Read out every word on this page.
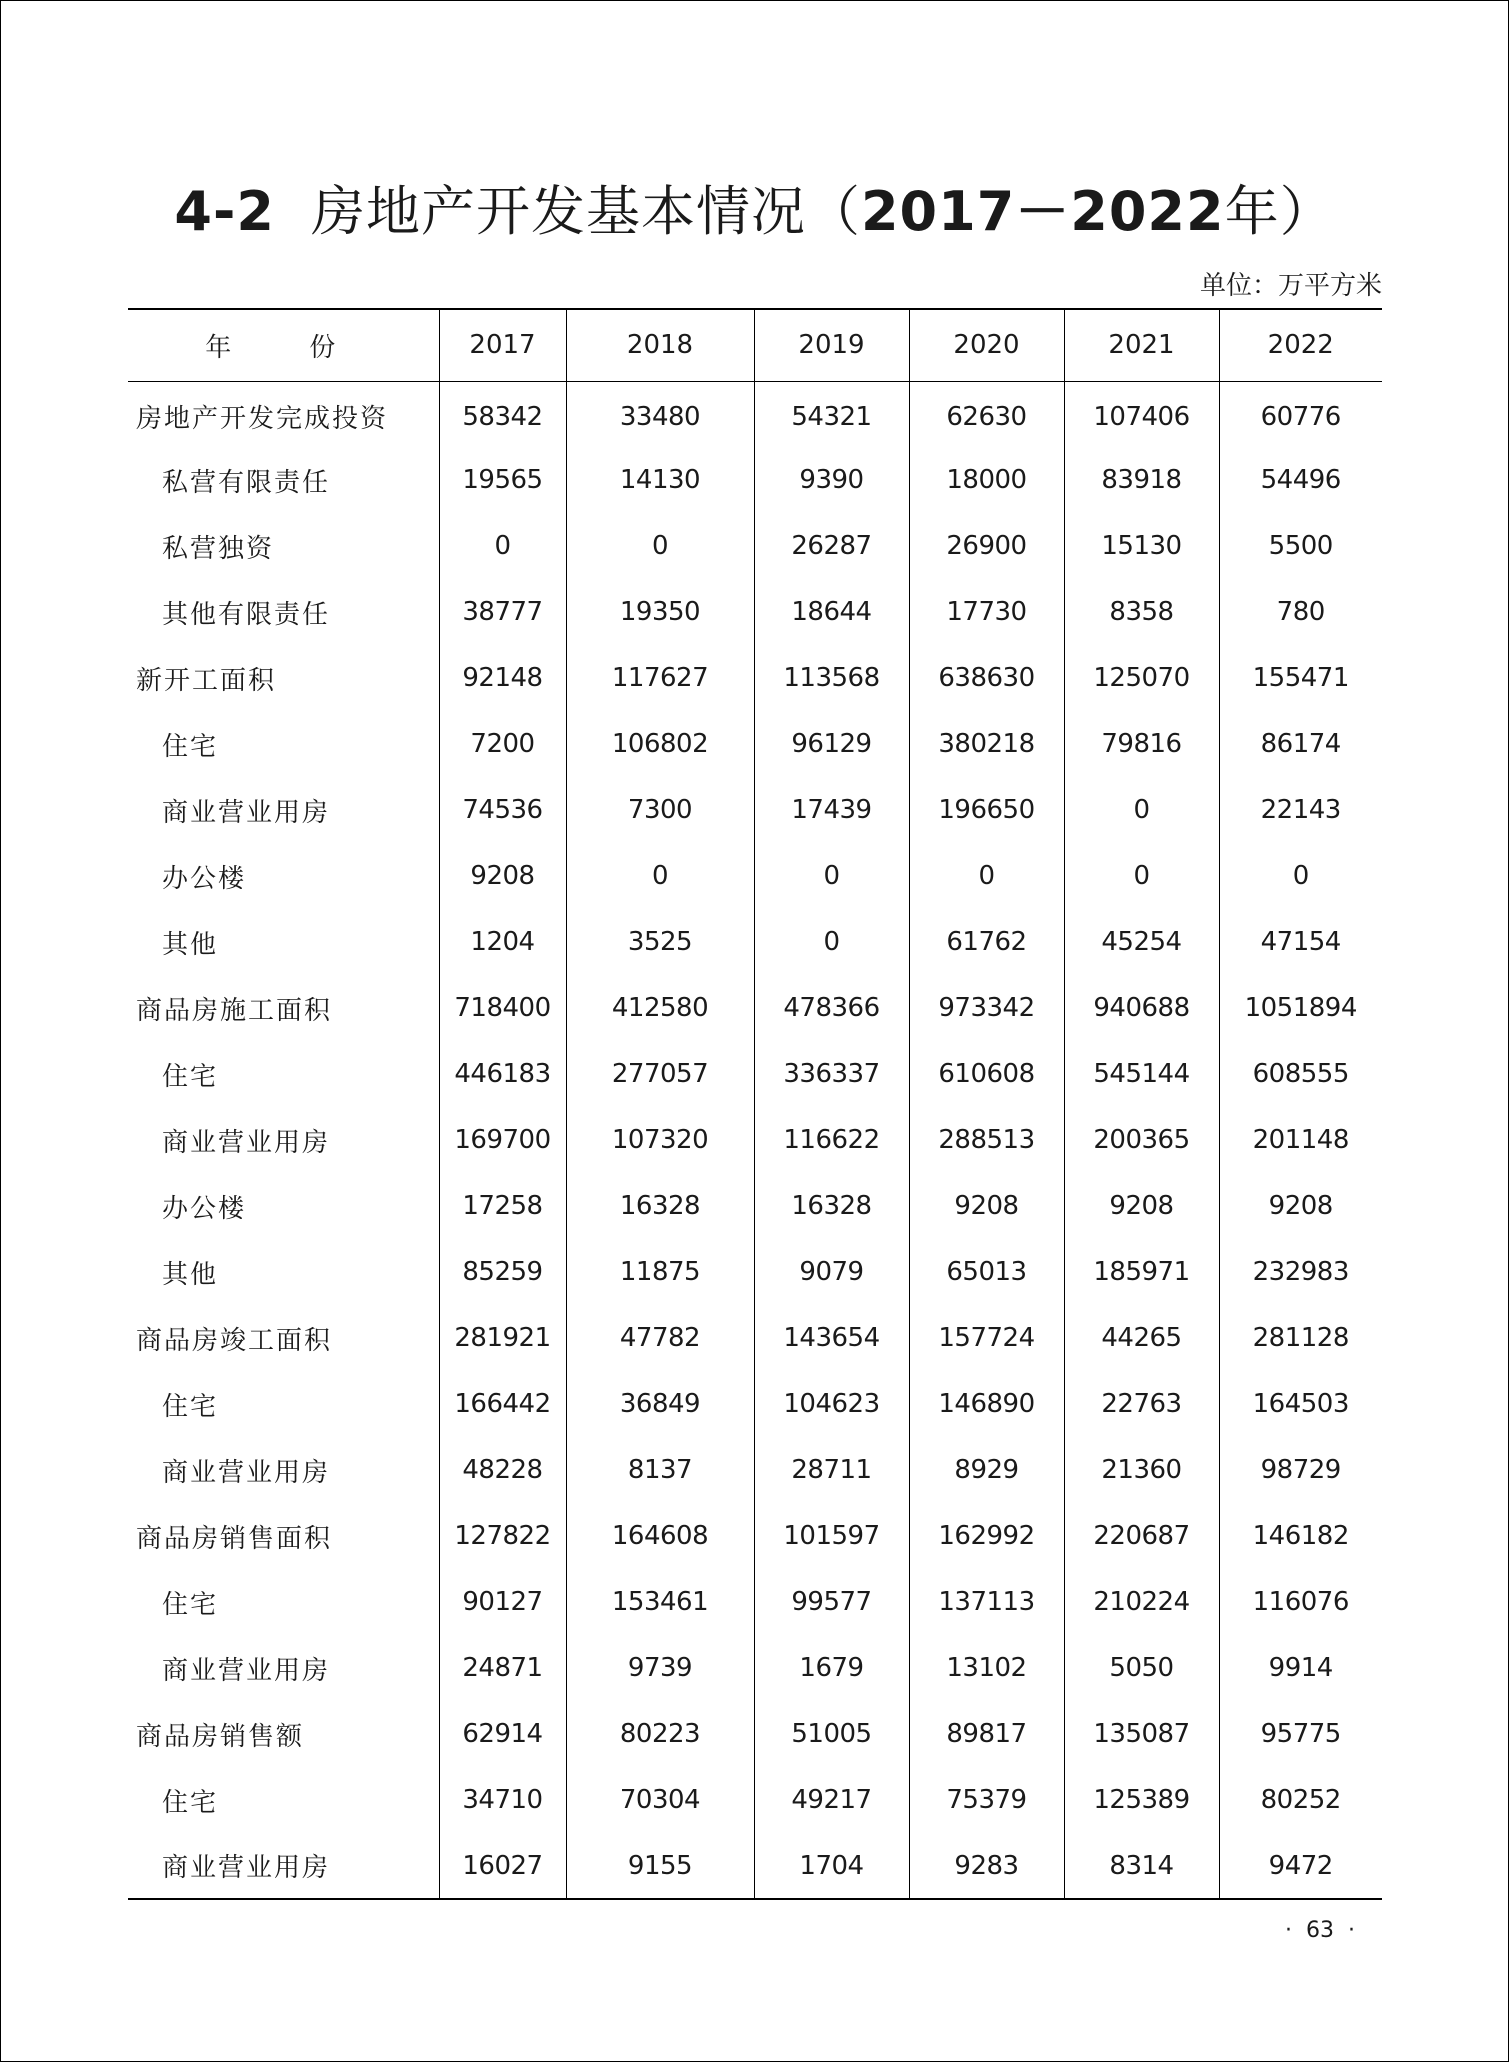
4-2 房地产开发基本情况（2017－2022年）
单位：万平方米
年　份	2017	2018	2019	2020	2021	2022
房地产开发完成投资	58342	33480	54321	62630	107406	60776
私营有限责任	19565	14130	9390	18000	83918	54496
私营独资	0	0	26287	26900	15130	5500
其他有限责任	38777	19350	18644	17730	8358	780
新开工面积	92148	117627	113568	638630	125070	155471
住宅	7200	106802	96129	380218	79816	86174
商业营业用房	74536	7300	17439	196650	0	22143
办公楼	9208	0	0	0	0	0
其他	1204	3525	0	61762	45254	47154
商品房施工面积	718400	412580	478366	973342	940688	1051894
住宅	446183	277057	336337	610608	545144	608555
商业营业用房	169700	107320	116622	288513	200365	201148
办公楼	17258	16328	16328	9208	9208	9208
其他	85259	11875	9079	65013	185971	232983
商品房竣工面积	281921	47782	143654	157724	44265	281128
住宅	166442	36849	104623	146890	22763	164503
商业营业用房	48228	8137	28711	8929	21360	98729
商品房销售面积	127822	164608	101597	162992	220687	146182
住宅	90127	153461	99577	137113	210224	116076
商业营业用房	24871	9739	1679	13102	5050	9914
商品房销售额	62914	80223	51005	89817	135087	95775
住宅	34710	70304	49217	75379	125389	80252
商业营业用房	16027	9155	1704	9283	8314	9472
· 63 ·
